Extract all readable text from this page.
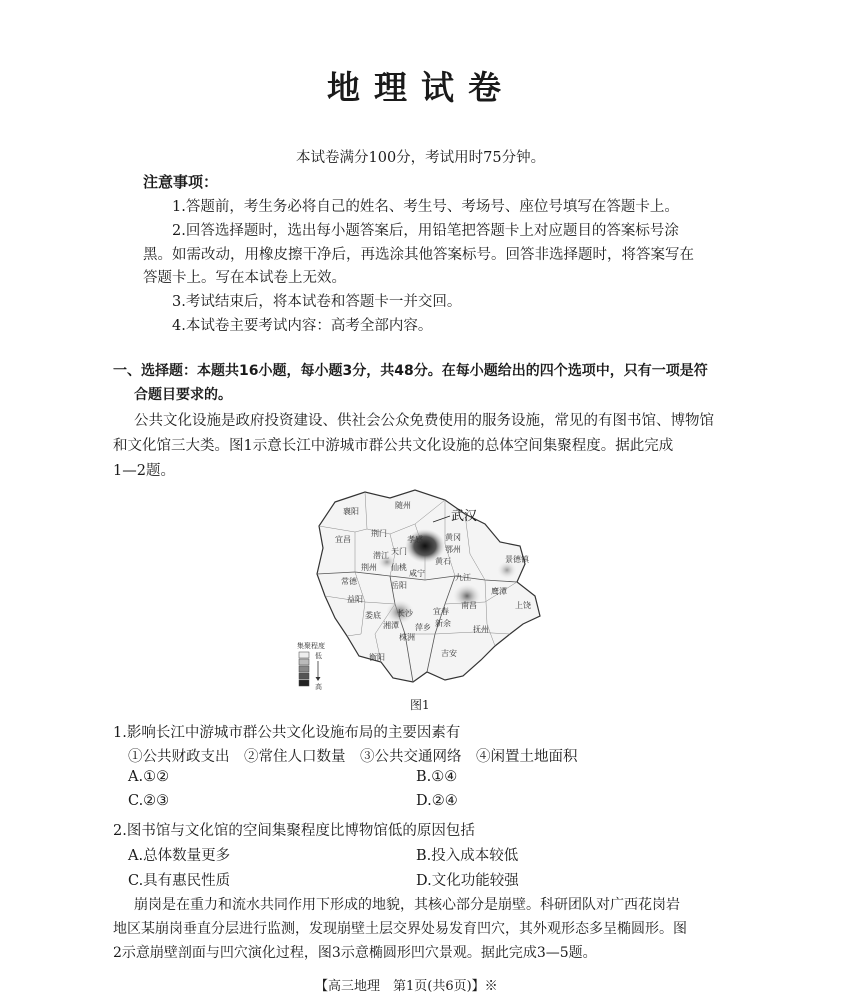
地理试卷
本试卷满分100分，考试用时75分钟。
注意事项：
1.答题前，考生务必将自己的姓名、考生号、考场号、座位号填写在答题卡上。
2.回答选择题时，选出每小题答案后，用铅笔把答题卡上对应题目的答案标号涂
黑。如需改动，用橡皮擦干净后，再选涂其他答案标号。回答非选择题时，将答案写在
答题卡上。写在本试卷上无效。
3.考试结束后，将本试卷和答题卡一并交回。
4.本试卷主要考试内容：高考全部内容。
一、选择题：本题共16小题，每小题3分，共48分。在每小题给出的四个选项中，只有一项是符
合题目要求的。
公共文化设施是政府投资建设、供社会公众免费使用的服务设施，常见的有图书馆、博物馆
和文化馆三大类。图1示意长江中游城市群公共文化设施的总体空间集聚程度。据此完成
1—2题。
武汉
襄阳
随州
荆门
孝感
宜昌
天门
黄冈
潜江
鄂州
荆州
黄石
咸宁
仙桃
九江
景德镇
常德	岳阳
益阳
南昌	上饶
长沙	宜春
新余
鹰潭
娄底
湘潭 萍乡	抚州
株洲
衡阳	吉安
集聚程度
低
高
图1
1.影响长江中游城市群公共文化设施布局的主要因素有
①公共财政支出　②常住人口数量　③公共交通网络　④闲置土地面积
A.①②	B.①④
C.②③	D.②④
2.图书馆与文化馆的空间集聚程度比博物馆低的原因包括
A.总体数量更多	B.投入成本较低
C.具有惠民性质	D.文化功能较强
崩岗是在重力和流水共同作用下形成的地貌，其核心部分是崩壁。科研团队对广西花岗岩
地区某崩岗垂直分层进行监测，发现崩壁土层交界处易发育凹穴，其外观形态多呈椭圆形。图
2示意崩壁剖面与凹穴演化过程，图3示意椭圆形凹穴景观。据此完成3—5题。
【高三地理　第1页(共6页)】※
